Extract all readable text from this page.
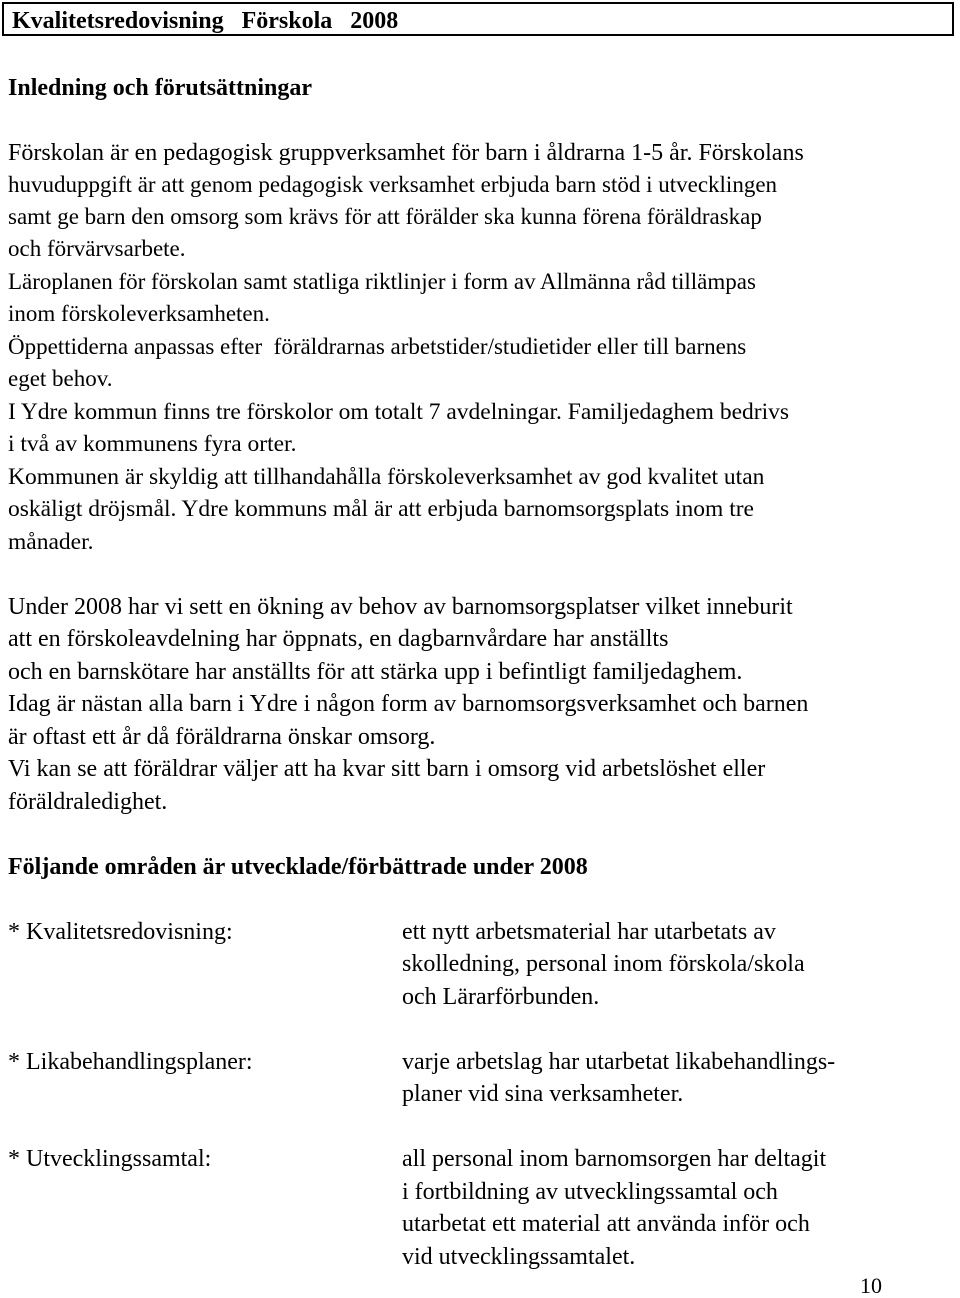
Kvalitetsredovisning   Förskola   2008
Inledning och förutsättningar
Förskolan är en pedagogisk gruppverksamhet för barn i åldrarna 1-5 år. Förskolans
huvuduppgift är att genom pedagogisk verksamhet erbjuda barn stöd i utvecklingen
samt ge barn den omsorg som krävs för att förälder ska kunna förena föräldraskap
och förvärvsarbete.
Läroplanen för förskolan samt statliga riktlinjer i form av Allmänna råd tillämpas
inom förskoleverksamheten.
Öppettiderna anpassas efter  föräldrarnas arbetstider/studietider eller till barnens
eget behov.
I Ydre kommun finns tre förskolor om totalt 7 avdelningar. Familjedaghem bedrivs
i två av kommunens fyra orter.
Kommunen är skyldig att tillhandahålla förskoleverksamhet av god kvalitet utan
oskäligt dröjsmål. Ydre kommuns mål är att erbjuda barnomsorgsplats inom tre
månader.
Under 2008 har vi sett en ökning av behov av barnomsorgsplatser vilket inneburit
att en förskoleavdelning har öppnats, en dagbarnvårdare har anställts
och en barnskötare har anställts för att stärka upp i befintligt familjedaghem.
Idag är nästan alla barn i Ydre i någon form av barnomsorgsverksamhet och barnen
är oftast ett år då föräldrarna önskar omsorg.
Vi kan se att föräldrar väljer att ha kvar sitt barn i omsorg vid arbetslöshet eller
föräldraledighet.
Följande områden är utvecklade/förbättrade under 2008
* Kvalitetsredovisning:	ett nytt arbetsmaterial har utarbetats av
skolledning, personal inom förskola/skola
och Lärarförbunden.
* Likabehandlingsplaner:	varje arbetslag har utarbetat likabehandlings-
planer vid sina verksamheter.
* Utvecklingssamtal:	all personal inom barnomsorgen har deltagit
i fortbildning av utvecklingssamtal och
utarbetat ett material att använda inför och
vid utvecklingssamtalet.
10
